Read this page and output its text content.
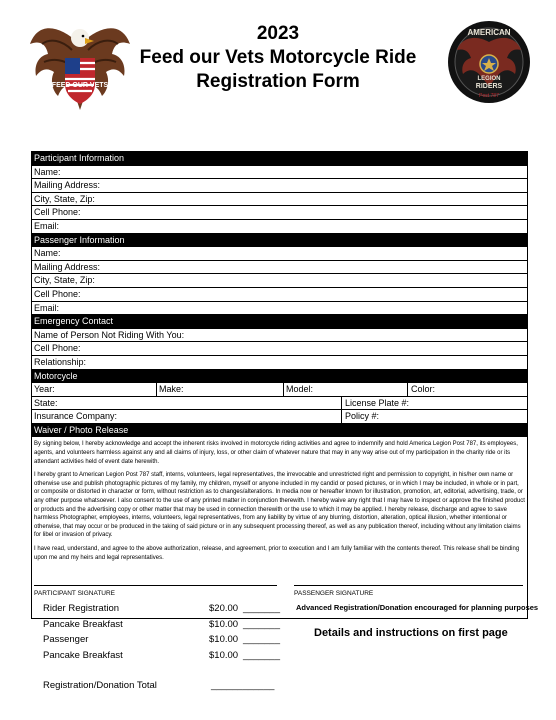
FEED OUR VETS
2023
Feed our Vets Motorcycle Ride
Registration Form
AMERICAN
LEGION
RIDERS
Post 787
Participant Information
Name:
Mailing Address:
City, State, Zip:
Cell Phone:
Email:
Passenger Information
Name:
Mailing Address:
City, State, Zip:
Cell Phone:
Email:
Emergency Contact
Name of Person Not Riding With You:
Cell Phone:
Relationship:
Motorcycle
Year:	Make:	Model:	Color:
State:	License Plate #:
Insurance Company:	Policy #:
Waiver / Photo Release

By signing below, I hereby acknowledge and accept the inherent risks involved in motorcycle riding activities and agree to indemnify and hold America Legion Post 787, its employees, agents, and volunteers harmless against any and all claims of injury, loss, or other claim of whatever nature that may in any way arise out of my participation in the charity ride or its attendant activities held of event date herewith.

I hereby grant to American Legion Post 787 staff, interns, volunteers, legal representatives, the irrevocable and unrestricted right and permission to copyright, in his/her own name or otherwise use and publish photographic pictures of my family, my children, myself or anyone included in my candid or posed pictures, or in which I may be included, in whole or in part, or composite or distorted in character or form, without restriction as to changes/alterations. In media now or hereafter known for illustration, promotion, art, editorial, advertising, trade, or any other purpose whatsoever. I also consent to the use of any printed matter in conjunction therewith. I hereby waive any right that I may have to inspect or approve the finished product or products and the advertising copy or other matter that may be used in connection therewith or the use to which it may be applied. I hereby release, discharge and agree to save harmless Photographer, employees, interns, volunteers, legal representatives, from any liability by virtue of any blurring, distortion, alteration, optical illusion, whether intentional or otherwise, that may occur or be produced in the taking of said picture or in any subsequent processing thereof, as well as any publication thereof, including without any limitation claims for libel or invasion of privacy.

I have read, understand, and agree to the above authorization, release, and agreement, prior to execution and I am fully familiar with the contents thereof. This release shall be binding upon me and my heirs and legal representatives.

PARTICIPANT SIGNATURE	PASSENGER SIGNATURE
Rider Registration	$20.00 _______
Pancake Breakfast	$10.00 _______
Passenger	$10.00 _______
Pancake Breakfast	$10.00 _______
Registration/Donation Total	____________
Advanced Registration/Donation encouraged for planning purposes
Details and instructions on first page
